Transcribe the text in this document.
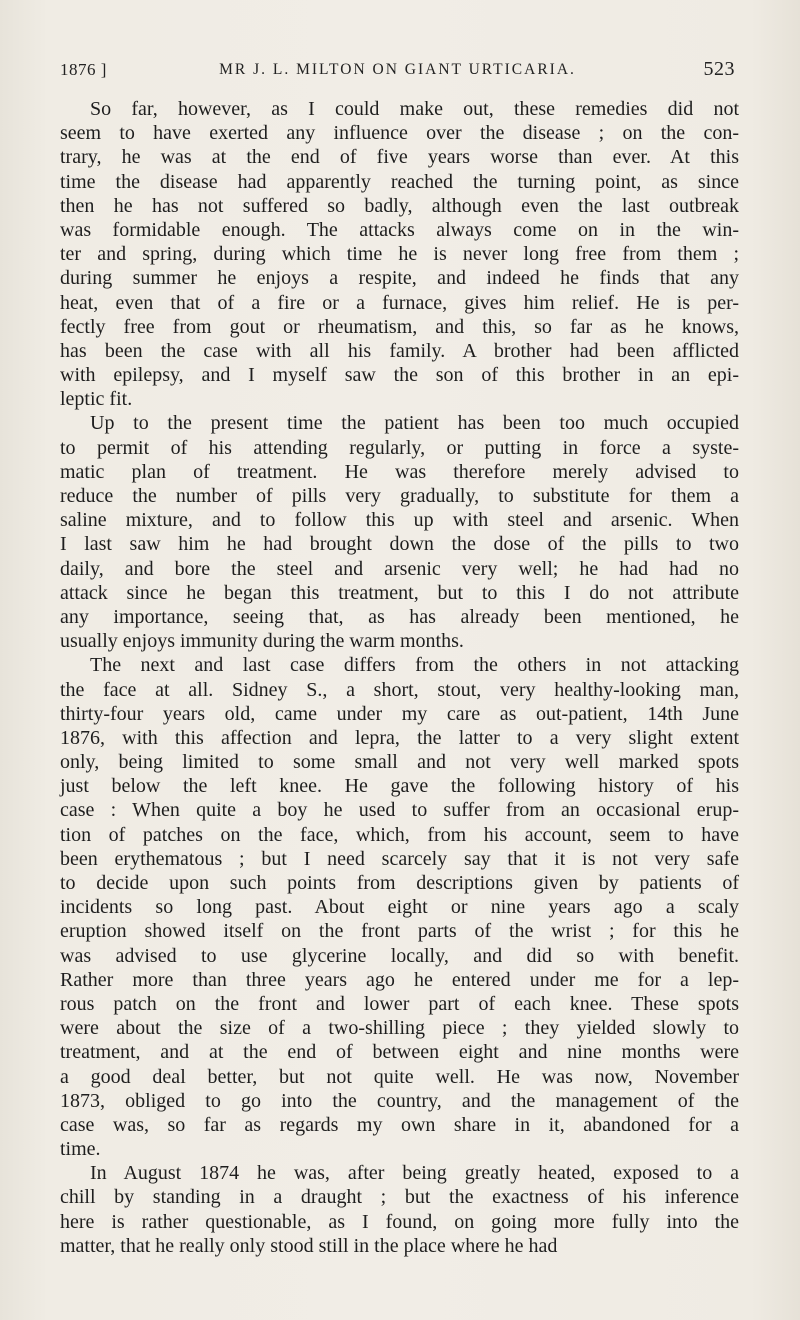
1876 ]	MR J. L. MILTON ON GIANT URTICARIA.	523
So far, however, as I could make out, these remedies did not
seem to have exerted any influence over the disease ; on the con-
trary, he was at the end of five years worse than ever. At this
time the disease had apparently reached the turning point, as since
then he has not suffered so badly, although even the last outbreak
was formidable enough. The attacks always come on in the win-
ter and spring, during which time he is never long free from them ;
during summer he enjoys a respite, and indeed he finds that any
heat, even that of a fire or a furnace, gives him relief. He is per-
fectly free from gout or rheumatism, and this, so far as he knows,
has been the case with all his family. A brother had been afflicted
with epilepsy, and I myself saw the son of this brother in an epi-
leptic fit.
Up to the present time the patient has been too much occupied
to permit of his attending regularly, or putting in force a syste-
matic plan of treatment. He was therefore merely advised to
reduce the number of pills very gradually, to substitute for them a
saline mixture, and to follow this up with steel and arsenic. When
I last saw him he had brought down the dose of the pills to two
daily, and bore the steel and arsenic very well; he had had no
attack since he began this treatment, but to this I do not attribute
any importance, seeing that, as has already been mentioned, he
usually enjoys immunity during the warm months.
The next and last case differs from the others in not attacking
the face at all. Sidney S., a short, stout, very healthy-looking man,
thirty-four years old, came under my care as out-patient, 14th June
1876, with this affection and lepra, the latter to a very slight extent
only, being limited to some small and not very well marked spots
just below the left knee. He gave the following history of his
case : When quite a boy he used to suffer from an occasional erup-
tion of patches on the face, which, from his account, seem to have
been erythematous ; but I need scarcely say that it is not very safe
to decide upon such points from descriptions given by patients of
incidents so long past. About eight or nine years ago a scaly
eruption showed itself on the front parts of the wrist ; for this he
was advised to use glycerine locally, and did so with benefit.
Rather more than three years ago he entered under me for a lep-
rous patch on the front and lower part of each knee. These spots
were about the size of a two-shilling piece ; they yielded slowly to
treatment, and at the end of between eight and nine months were
a good deal better, but not quite well. He was now, November
1873, obliged to go into the country, and the management of the
case was, so far as regards my own share in it, abandoned for a
time.
In August 1874 he was, after being greatly heated, exposed to a
chill by standing in a draught ; but the exactness of his inference
here is rather questionable, as I found, on going more fully into the
matter, that he really only stood still in the place where he had
